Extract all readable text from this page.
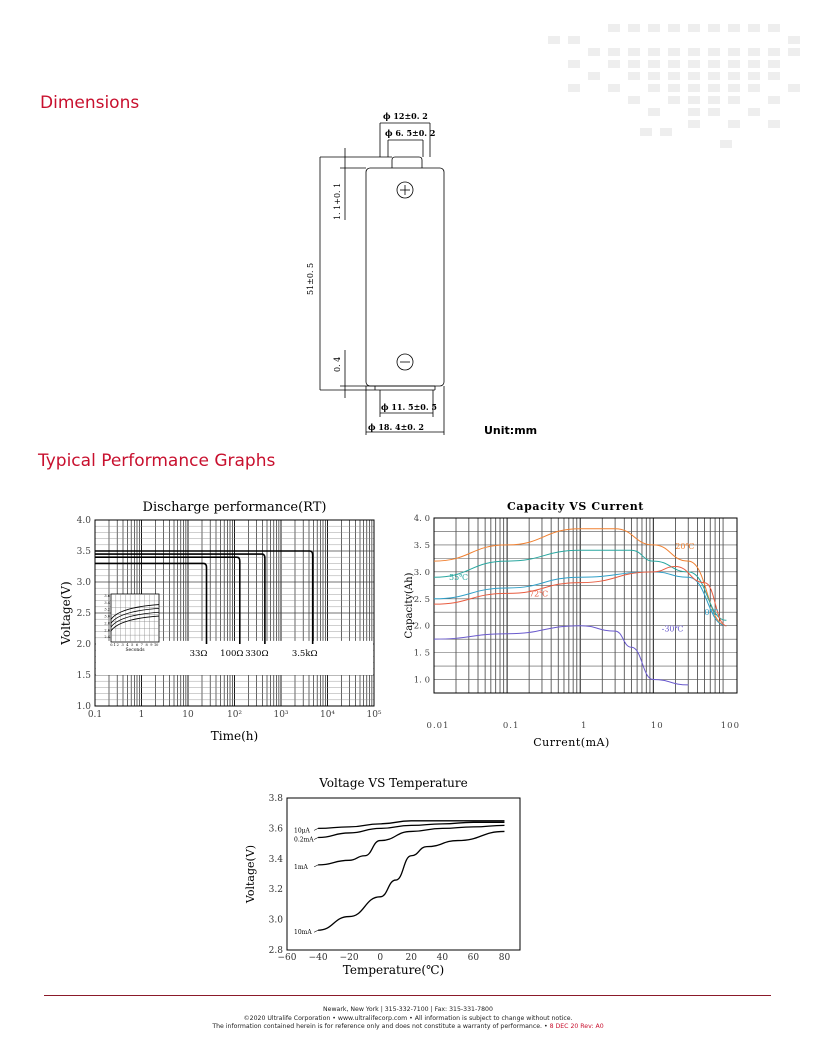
Dimensions
ϕ 12±0. 2
ϕ 6. 5±0. 2
1. 1+0. 1
51±0. 5
0. 4
ϕ 11. 5±0. 5
ϕ 18. 4±0. 2	Unit:mm
Typical Performance Graphs
Discharge performance(RT)
Time(h)
Voltage(V)
1.0
1.5
2.0
2.5
3.0
3.5
4.0
0.1	1	10	10²	10³	10⁴	10⁵
33Ω 100Ω 330Ω	3.5kΩ
3.6
3.4
3.2
3.0
2.8
2.6
2.4
0.1 2 3 4 5 6 7 8 9 10
Seconds
Capacity VS Current
Current(mA)
Capacity(Ah)
1. 0
1. 5
2. 0
2. 5
3. 0
3. 5
4. 0
0.01	0.1	1	10	100
20℃
55℃
0℃
72℃
-30℃
Voltage VS Temperature
Temperature(℃)
Voltage(V)
2.8
3.0
3.2
3.4
3.6
3.8
−60 −40 −20 0 20 40 60 80
10μA
0.2mA
1mA
10mA
Newark, New York | 315-332-7100 | Fax: 315-331-7800
©2020 Ultralife Corporation • www.ultralifecorp.com • All information is subject to change without notice.
The information contained herein is for reference only and does not constitute a warranty of performance. • 8 DEC 20 Rev: A0
